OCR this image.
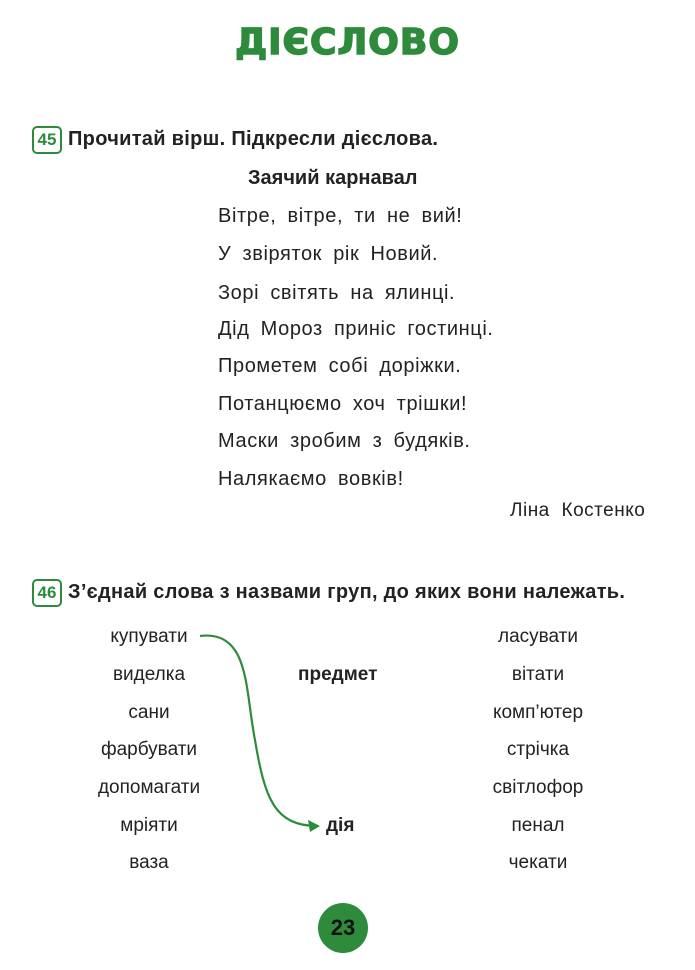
ДІЄСЛОВО
45 Прочитай вірш. Підкресли дієслова.
Заячий карнавал
Вітре, вітре, ти не вий!
У звіряток рік Новий.
Зорі світять на ялинці.
Дід Мороз приніс гостинці.
Прометем собі доріжки.
Потанцюємо хоч трішки!
Маски зробим з будяків.
Налякаємо вовків!
Ліна Костенко
46 З’єднай слова з назвами груп, до яких вони належать.
купувати
виделка
сани
фарбувати
допомагати
мріяти
ваза
предмет
дія
ласувати
вітати
комп’ютер
стрічка
світлофор
пенал
чекати
23
